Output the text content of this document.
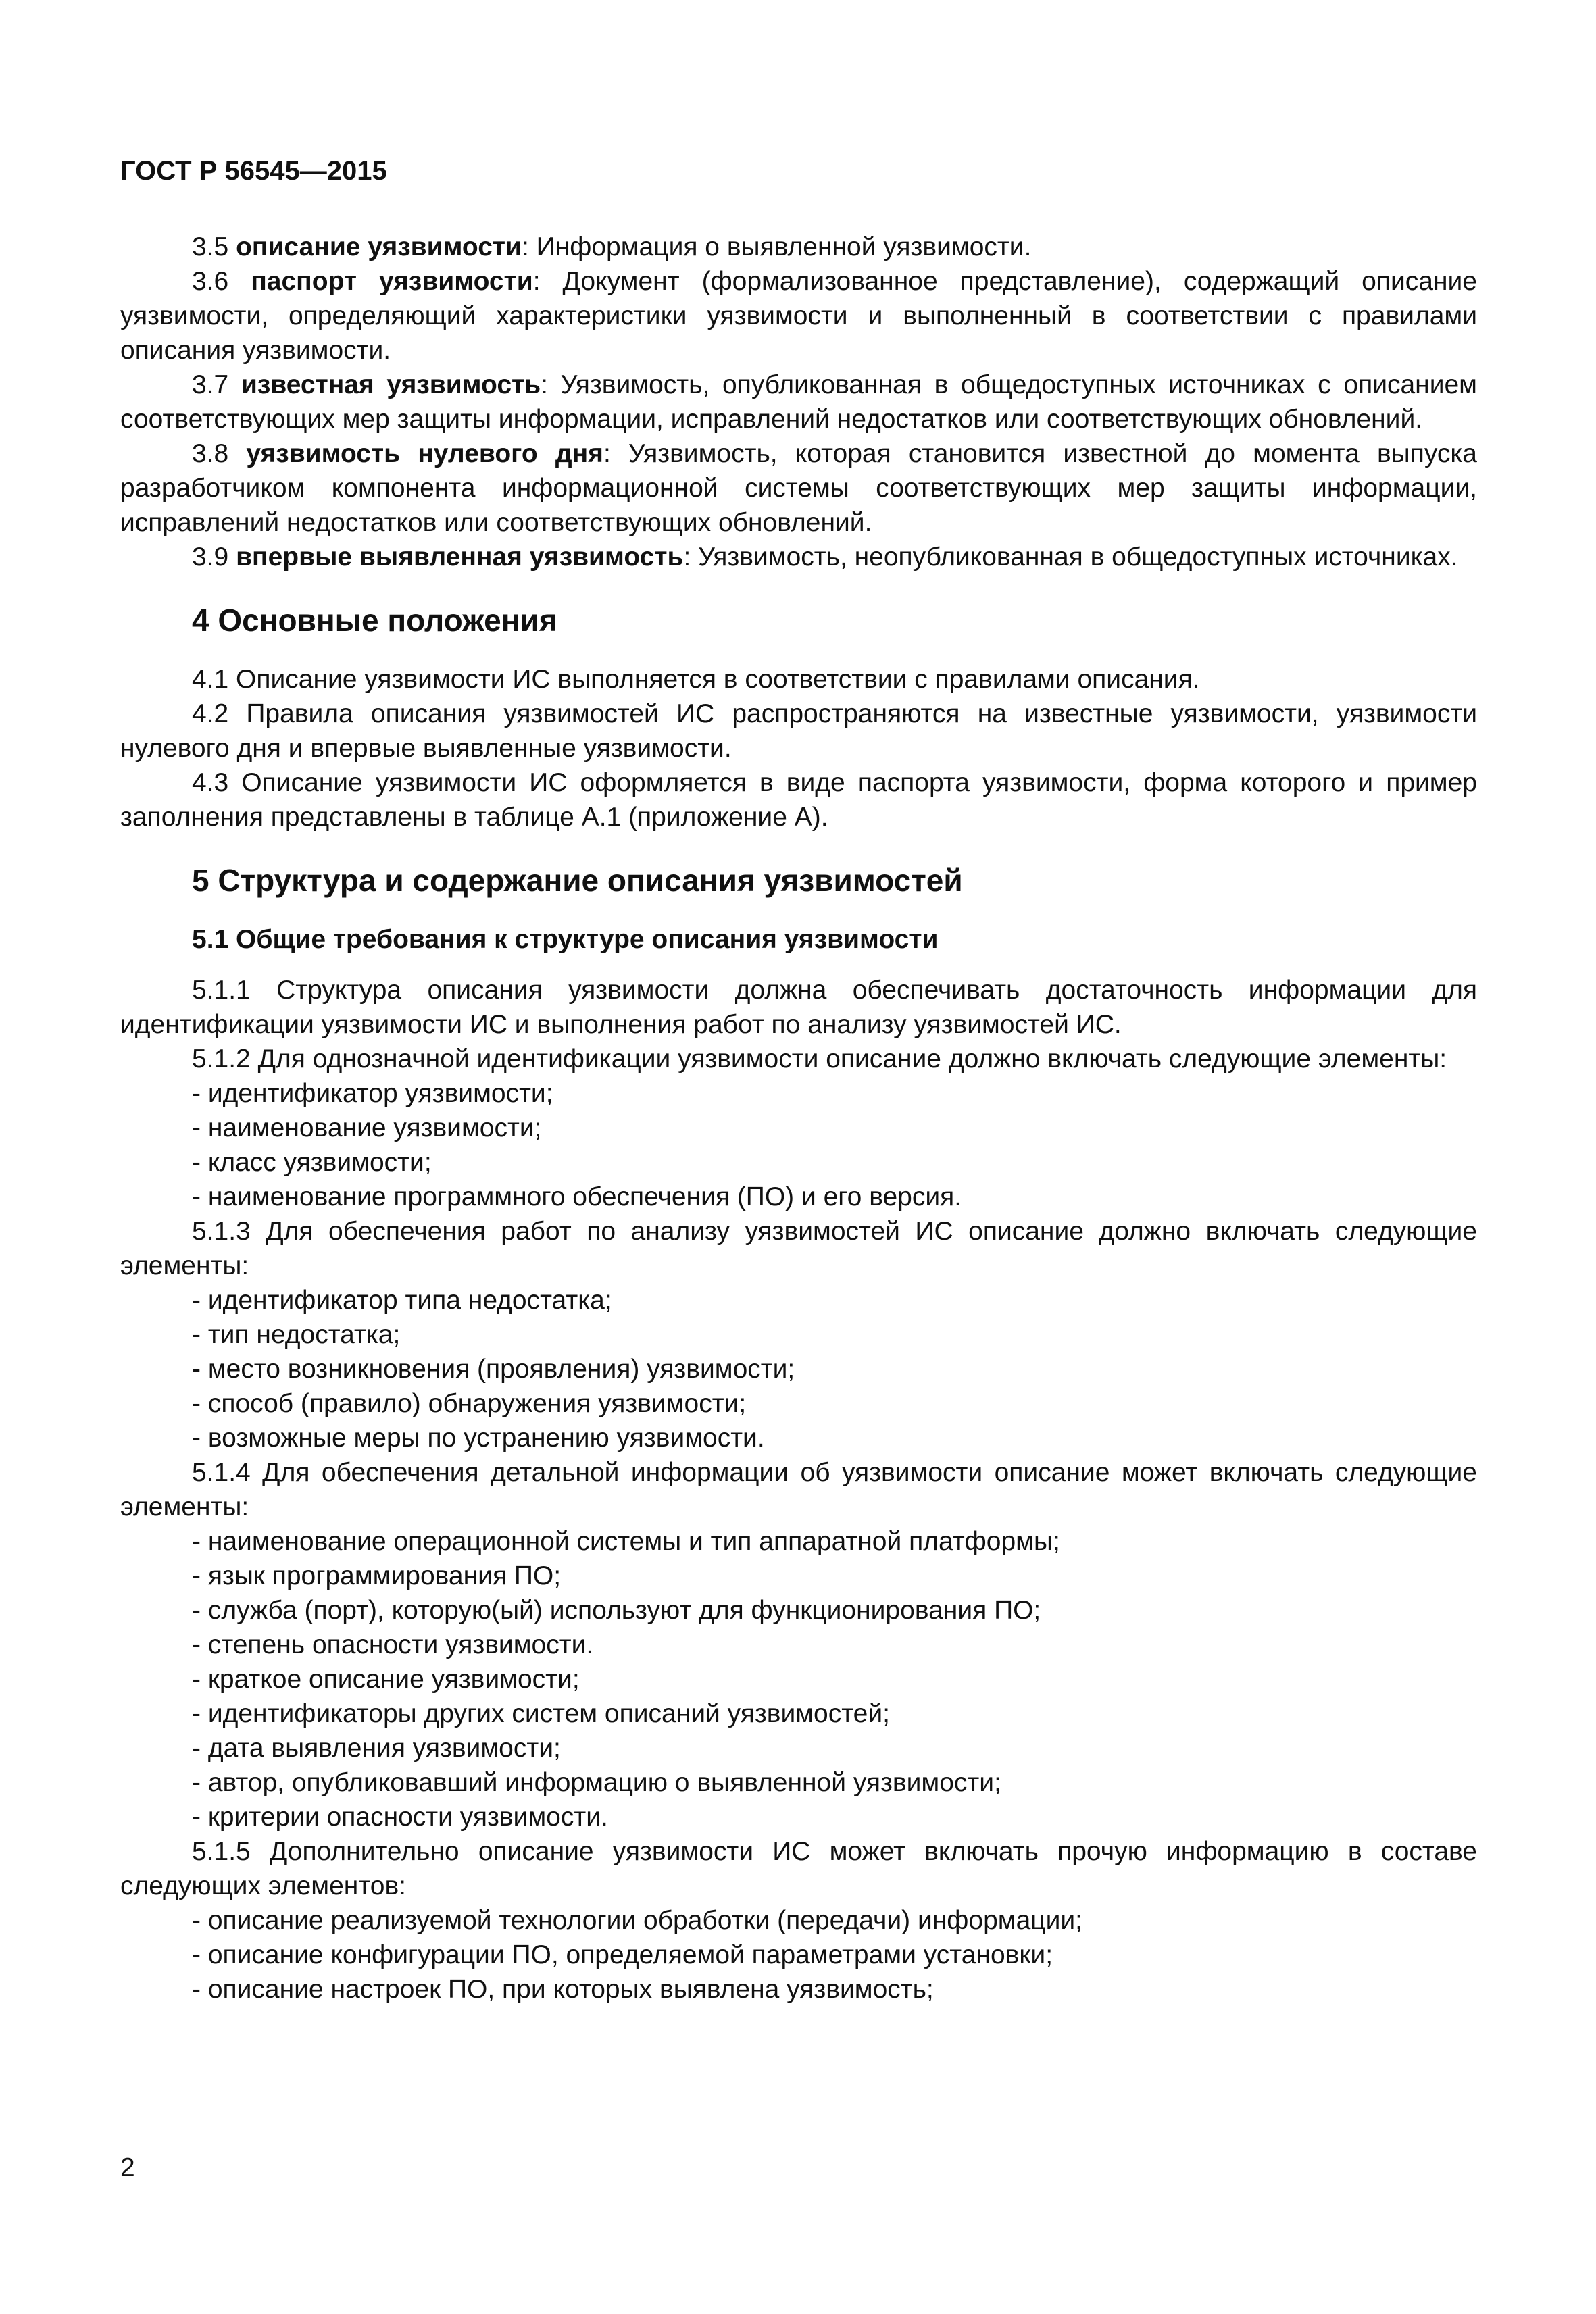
ГОСТ Р 56545—2015

3.5 описание уязвимости: Информация о выявленной уязвимости.

3.6 паспорт уязвимости: Документ (формализованное представление), содержащий описание уязвимости, определяющий характеристики уязвимости и выполненный в соответствии с правилами описания уязвимости.

3.7 известная уязвимость: Уязвимость, опубликованная в общедоступных источниках с описанием соответствующих мер защиты информации, исправлений недостатков или соответствующих обновлений.

3.8 уязвимость нулевого дня: Уязвимость, которая становится известной до момента выпуска разработчиком компонента информационной системы соответствующих мер защиты информации, исправлений недостатков или соответствующих обновлений.

3.9 впервые выявленная уязвимость: Уязвимость, неопубликованная в общедоступных источниках.

4 Основные положения

4.1 Описание уязвимости ИС выполняется в соответствии с правилами описания.

4.2 Правила описания уязвимостей ИС распространяются на известные уязвимости, уязвимости нулевого дня и впервые выявленные уязвимости.

4.3 Описание уязвимости ИС оформляется в виде паспорта уязвимости, форма которого и пример заполнения представлены в таблице А.1 (приложение А).

5 Структура и содержание описания уязвимостей
5.1 Общие требования к структуре описания уязвимости

5.1.1 Структура описания уязвимости должна обеспечивать достаточность информации для идентификации уязвимости ИС и выполнения работ по анализу уязвимостей ИС.

5.1.2 Для однозначной идентификации уязвимости описание должно включать следующие элементы:

- идентификатор уязвимости;

- наименование уязвимости;

- класс уязвимости;

- наименование программного обеспечения (ПО) и его версия.

5.1.3 Для обеспечения работ по анализу уязвимостей ИС описание должно включать следующие элементы:

- идентификатор типа недостатка;

- тип недостатка;

- место возникновения (проявления) уязвимости;

- способ (правило) обнаружения уязвимости;

- возможные меры по устранению уязвимости.

5.1.4 Для обеспечения детальной информации об уязвимости описание может включать следующие элементы:

- наименование операционной системы и тип аппаратной платформы;

- язык программирования ПО;

- служба (порт), которую(ый) используют для функционирования ПО;

- степень опасности уязвимости.

- краткое описание уязвимости;

- идентификаторы других систем описаний уязвимостей;

- дата выявления уязвимости;

- автор, опубликовавший информацию о выявленной уязвимости;

- критерии опасности уязвимости.

5.1.5 Дополнительно описание уязвимости ИС может включать прочую информацию в составе следующих элементов:

- описание реализуемой технологии обработки (передачи) информации;

- описание конфигурации ПО, определяемой параметрами установки;

- описание настроек ПО, при которых выявлена уязвимость;

2
